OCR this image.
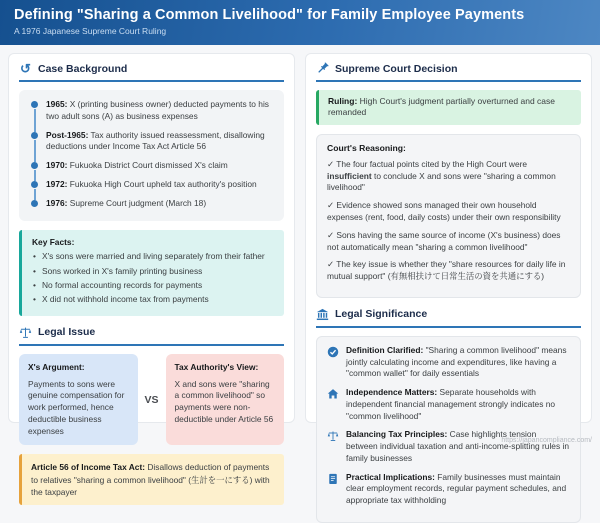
Defining "Sharing a Common Livelihood" for Family Employee Payments
A 1976 Japanese Supreme Court Ruling
↺ Case Background
1965: X (printing business owner) deducted payments to his two adult sons (A) as business expenses
Post-1965: Tax authority issued reassessment, disallowing deductions under Income Tax Act Article 56
1970: Fukuoka District Court dismissed X's claim
1972: Fukuoka High Court upheld tax authority's position
1976: Supreme Court judgment (March 18)
Key Facts:
• X's sons were married and living separately from their father
• Sons worked in X's family printing business
• No formal accounting records for payments
• X did not withhold income tax from payments
Legal Issue
X's Argument:
Payments to sons were genuine compensation for work performed, hence deductible business expenses
VS
Tax Authority's View:
X and sons were "sharing a common livelihood" so payments were non-deductible under Article 56
Article 56 of Income Tax Act: Disallows deduction of payments to relatives "sharing a common livelihood" (生計を一にする) with the taxpayer
Supreme Court Decision
Ruling: High Court's judgment partially overturned and case remanded
Court's Reasoning:
✓ The four factual points cited by the High Court were insufficient to conclude X and sons were "sharing a common livelihood"
✓ Evidence showed sons managed their own household expenses (rent, food, daily costs) under their own responsibility
✓ Sons having the same source of income (X's business) does not automatically mean "sharing a common livelihood"
✓ The key issue is whether they "share resources for daily life in mutual support" (有無相扶けて日常生活の資を共通にする)
Legal Significance
Definition Clarified: "Sharing a common livelihood" means jointly calculating income and expenditures, like having a "common wallet" for daily essentials
Independence Matters: Separate households with independent financial management strongly indicates no "common livelihood"
Balancing Tax Principles: Case highlights tension between individual taxation and anti-income-splitting rules in family businesses
Practical Implications: Family businesses must maintain clear employment records, regular payment schedules, and appropriate tax withholding
https://japancompliance.com/
